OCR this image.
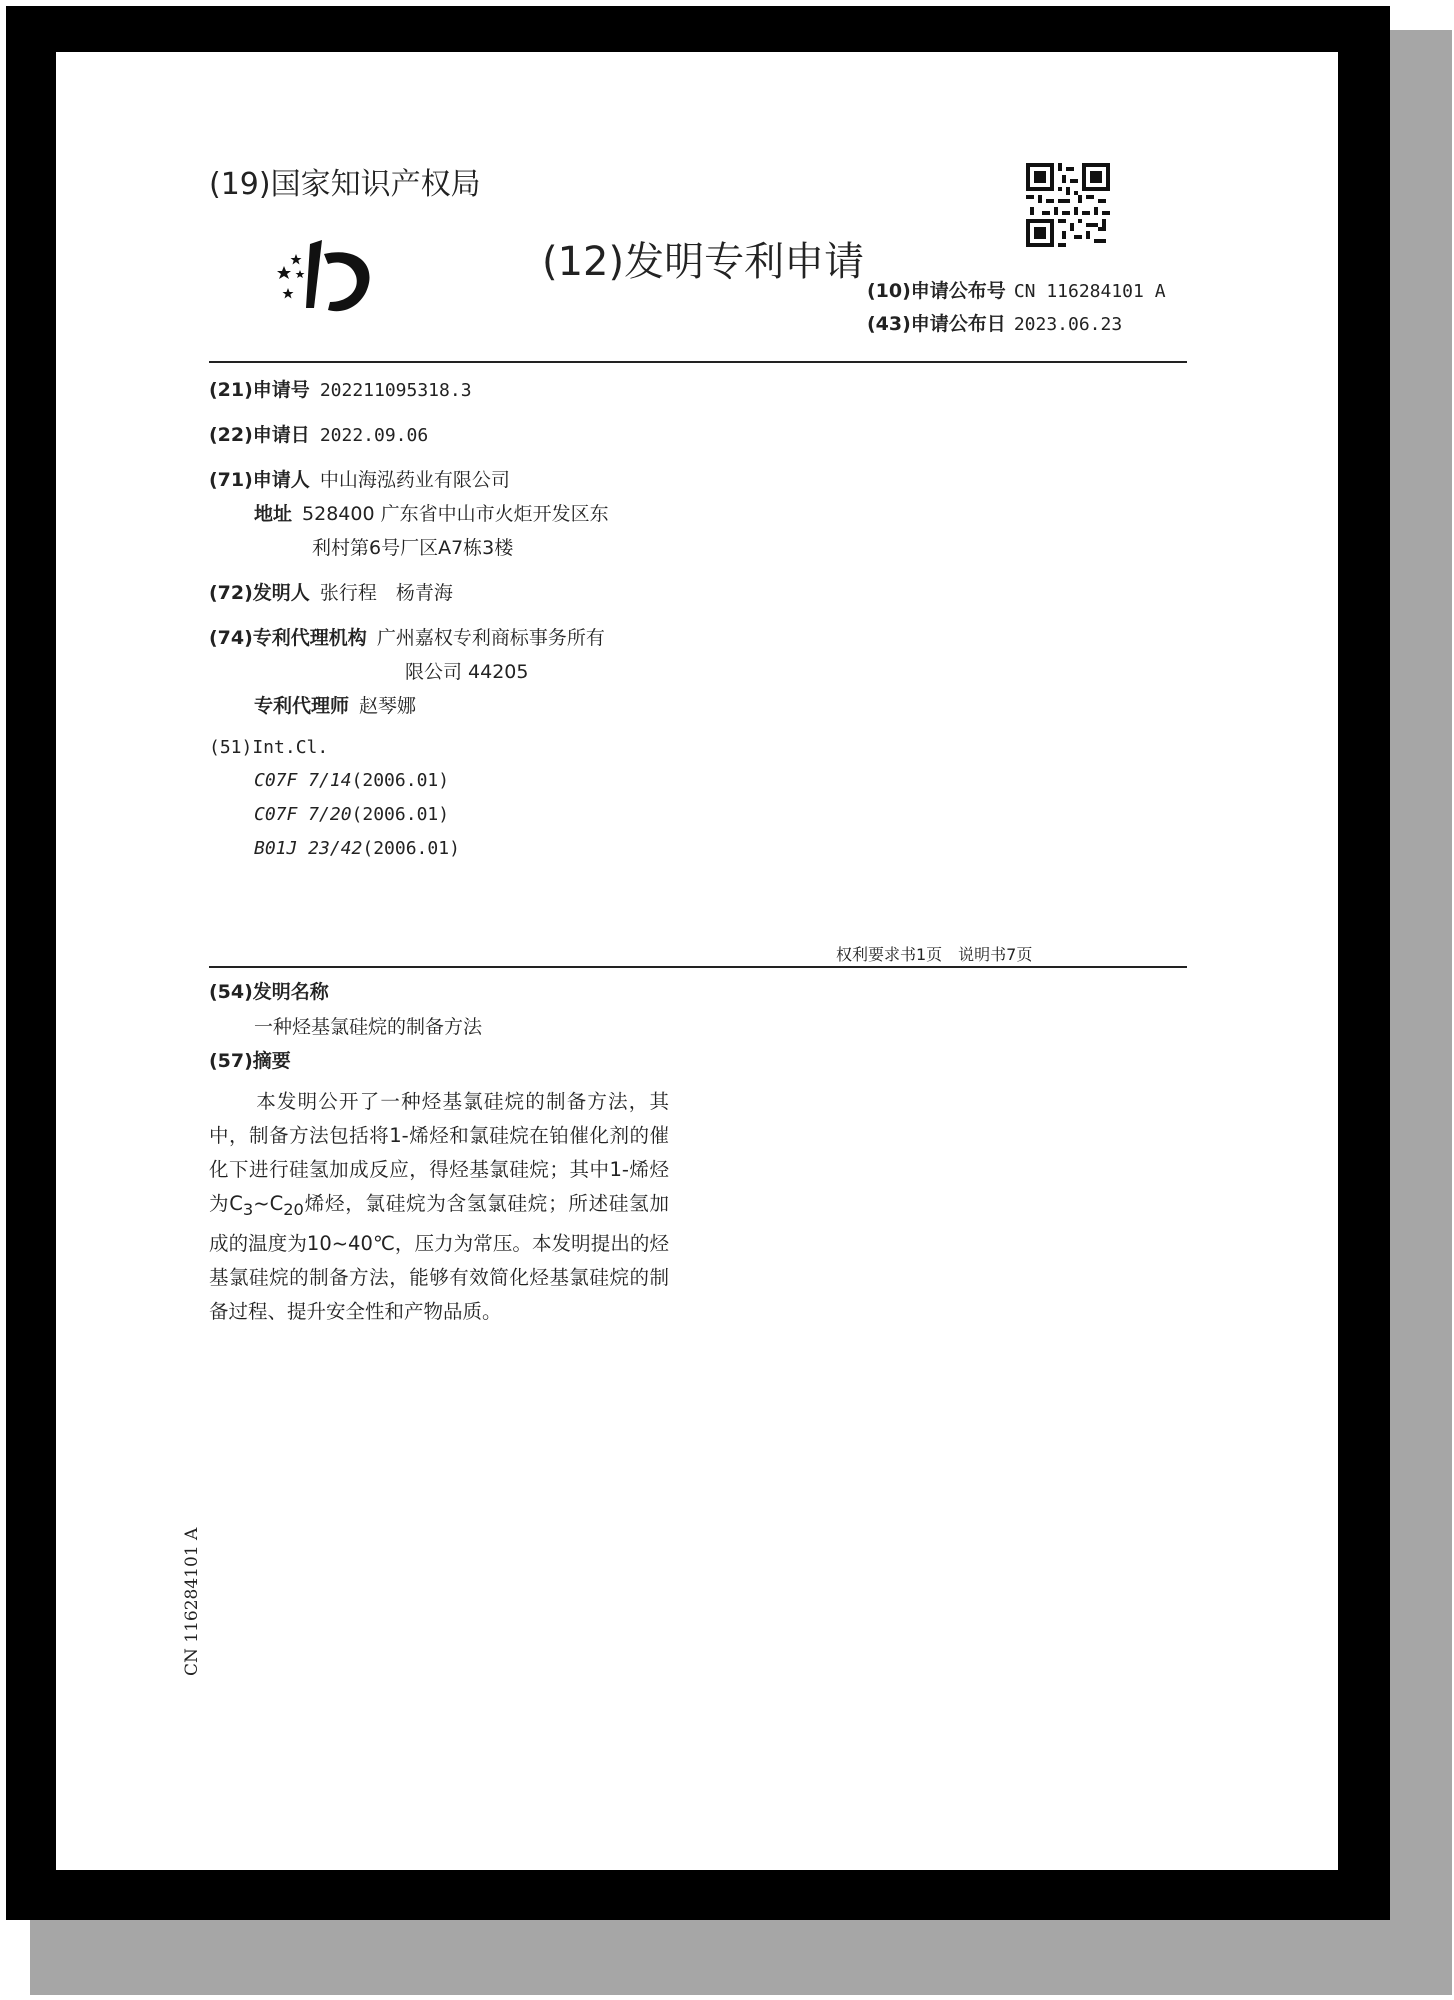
(19)国家知识产权局
(12)发明专利申请
(10)申请公布号 CN 116284101 A
(43)申请公布日 2023.06.23
(21)申请号 202211095318.3
(22)申请日 2022.09.06
(71)申请人 中山海泓药业有限公司
地址 528400 广东省中山市火炬开发区东
利村第6号厂区A7栋3楼
(72)发明人 张行程　杨青海
(74)专利代理机构 广州嘉权专利商标事务所有
限公司 44205
专利代理师 赵琴娜
(51)Int.Cl.
C07F 7/14(2006.01)
C07F 7/20(2006.01)
B01J 23/42(2006.01)
权利要求书1页　说明书7页
(54)发明名称
一种烃基氯硅烷的制备方法
(57)摘要
本发明公开了一种烃基氯硅烷的制备方法，其中，制备方法包括将1-烯烃和氯硅烷在铂催化剂的催化下进行硅氢加成反应，得烃基氯硅烷；其中1-烯烃为$C_3\sim C_{20}$烯烃，氯硅烷为含氢氯硅烷；所述硅氢加成的温度为10~40℃，压力为常压。本发明提出的烃基氯硅烷的制备方法，能够有效简化烃基氯硅烷的制备过程、提升安全性和产物品质。
CN 116284101 A
